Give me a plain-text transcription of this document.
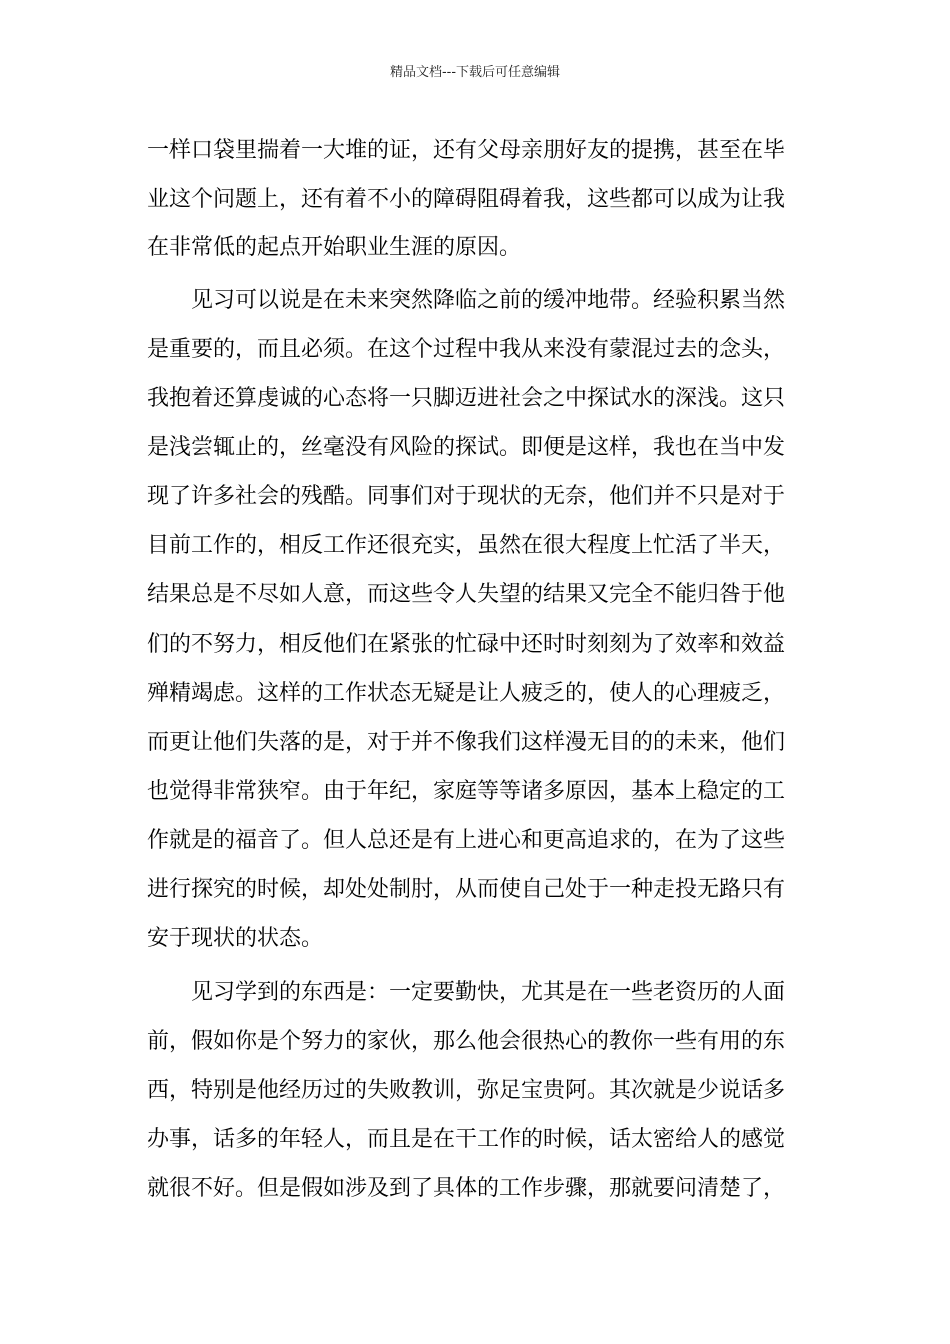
精品文档---下载后可任意编辑
一样口袋里揣着一大堆的证，还有父母亲朋好友的提携，甚至在毕
业这个问题上，还有着不小的障碍阻碍着我，这些都可以成为让我
在非常低的起点开始职业生涯的原因。
见习可以说是在未来突然降临之前的缓冲地带。经验积累当然
是重要的，而且必须。在这个过程中我从来没有蒙混过去的念头，
我抱着还算虔诚的心态将一只脚迈进社会之中探试水的深浅。这只
是浅尝辄止的，丝毫没有风险的探试。即便是这样，我也在当中发
现了许多社会的残酷。同事们对于现状的无奈，他们并不只是对于
目前工作的，相反工作还很充实，虽然在很大程度上忙活了半天，
结果总是不尽如人意，而这些令人失望的结果又完全不能归咎于他
们的不努力，相反他们在紧张的忙碌中还时时刻刻为了效率和效益
殚精竭虑。这样的工作状态无疑是让人疲乏的，使人的心理疲乏，
而更让他们失落的是，对于并不像我们这样漫无目的的未来，他们
也觉得非常狭窄。由于年纪，家庭等等诸多原因，基本上稳定的工
作就是的福音了。但人总还是有上进心和更高追求的，在为了这些
进行探究的时候，却处处制肘，从而使自己处于一种走投无路只有
安于现状的状态。
见习学到的东西是：一定要勤快，尤其是在一些老资历的人面
前，假如你是个努力的家伙，那么他会很热心的教你一些有用的东
西，特别是他经历过的失败教训，弥足宝贵阿。其次就是少说话多
办事，话多的年轻人，而且是在干工作的时候，话太密给人的感觉
就很不好。但是假如涉及到了具体的工作步骤，那就要问清楚了，
